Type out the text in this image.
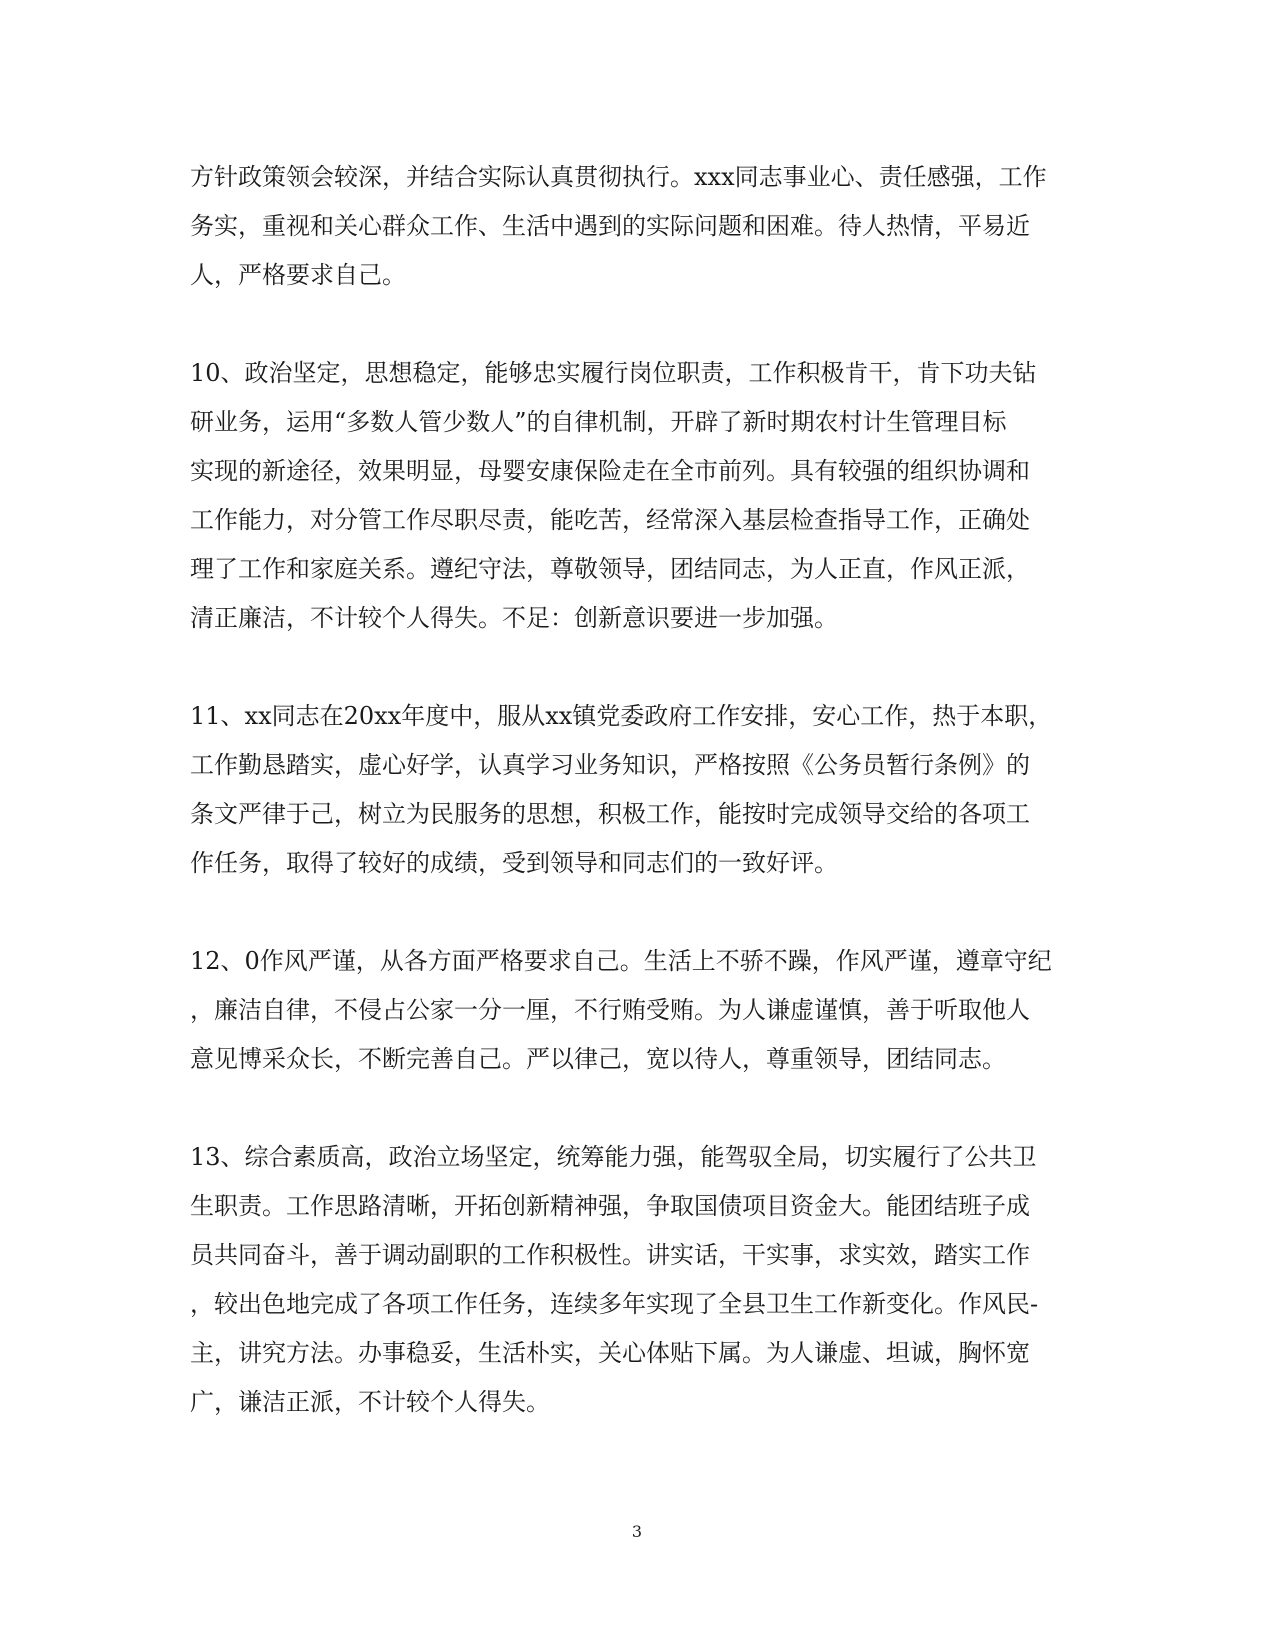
方针政策领会较深，并结合实际认真贯彻执行。xxx同志事业心、责任感强，工作
务实，重视和关心群众工作、生活中遇到的实际问题和困难。待人热情，平易近
人，严格要求自己。
10、政治坚定，思想稳定，能够忠实履行岗位职责，工作积极肯干，肯下功夫钻
研业务，运用“多数人管少数人”的自律机制，开辟了新时期农村计生管理目标
实现的新途径，效果明显，母婴安康保险走在全市前列。具有较强的组织协调和
工作能力，对分管工作尽职尽责，能吃苦，经常深入基层检查指导工作，正确处
理了工作和家庭关系。遵纪守法，尊敬领导，团结同志，为人正直，作风正派，
清正廉洁，不计较个人得失。不足：创新意识要进一步加强。
11、xx同志在20xx年度中，服从xx镇党委政府工作安排，安心工作，热于本职，
工作勤恳踏实，虚心好学，认真学习业务知识，严格按照《公务员暂行条例》的
条文严律于己，树立为民服务的思想，积极工作，能按时完成领导交给的各项工
作任务，取得了较好的成绩，受到领导和同志们的一致好评。
12、0作风严谨，从各方面严格要求自己。生活上不骄不躁，作风严谨，遵章守纪
，廉洁自律，不侵占公家一分一厘，不行贿受贿。为人谦虚谨慎，善于听取他人
意见博采众长，不断完善自己。严以律己，宽以待人，尊重领导，团结同志。
13、综合素质高，政治立场坚定，统筹能力强，能驾驭全局，切实履行了公共卫
生职责。工作思路清晰，开拓创新精神强，争取国债项目资金大。能团结班子成
员共同奋斗，善于调动副职的工作积极性。讲实话，干实事，求实效，踏实工作
，较出色地完成了各项工作任务，连续多年实现了全县卫生工作新变化。作风民-
主，讲究方法。办事稳妥，生活朴实，关心体贴下属。为人谦虚、坦诚，胸怀宽
广，谦洁正派，不计较个人得失。
3
